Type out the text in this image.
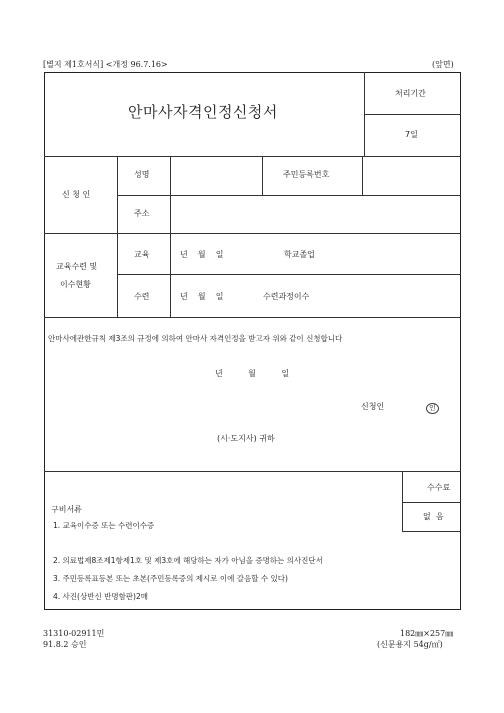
[별지 제1호서식] <개정 96.7.16>	(앞면)
안마사자격인정신청서
처리기간
7일
신 청 인
성명	주민등록번호
주소
교육수련 및
이수현황
교육	년    월    일	학교졸업
수련	년    월    일	수련과정이수
안마사에관한규칙 제3조의 규정에 의하여 안마사 자격인정을 받고자 위와 같이 신청합니다
년          월          일
신청인	인
(시·도지사) 귀하
수수료
없  음
구비서류
1. 교육이수증 또는 수련이수증
2. 의료법제8조제1항제1호 및 제3호에 해당하는 자가 아님을 증명하는 의사진단서
3. 주민등록표등본 또는 초본(주민등록증의 제시로 이에 갈음할 수 있다)
4. 사진(상반신 반명함판)2매
31310-02911민
91.8.2 승인
182㎜×257㎜
(신문용지 54g/㎡)
